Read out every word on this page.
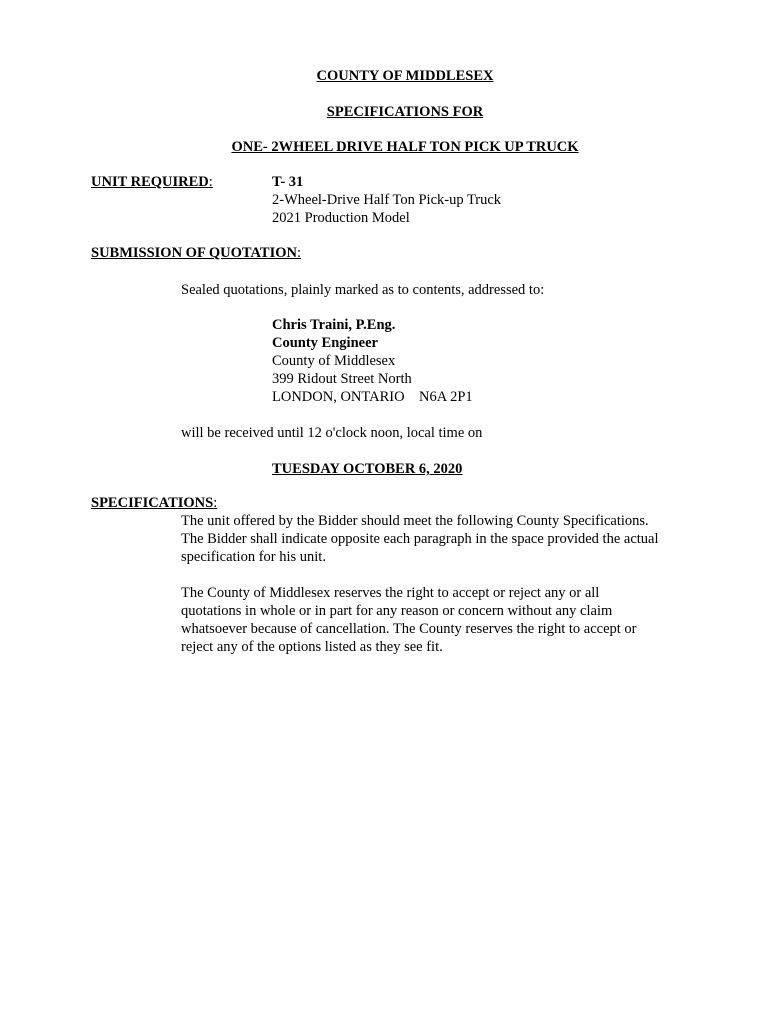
COUNTY OF MIDDLESEX
SPECIFICATIONS FOR
ONE- 2WHEEL DRIVE HALF TON PICK UP TRUCK
UNIT REQUIRED:	T- 31
2-Wheel-Drive Half Ton Pick-up Truck
2021 Production Model
SUBMISSION OF QUOTATION:
Sealed quotations, plainly marked as to contents, addressed to:
Chris Traini, P.Eng.
County Engineer
County of Middlesex
399 Ridout Street North
LONDON, ONTARIO    N6A 2P1
will be received until 12 o'clock noon, local time on
TUESDAY OCTOBER 6, 2020
SPECIFICATIONS:
The unit offered by the Bidder should meet the following County Specifications.
The Bidder shall indicate opposite each paragraph in the space provided the actual
specification for his unit.
The County of Middlesex reserves the right to accept or reject any or all
quotations in whole or in part for any reason or concern without any claim
whatsoever because of cancellation. The County reserves the right to accept or
reject any of the options listed as they see fit.
